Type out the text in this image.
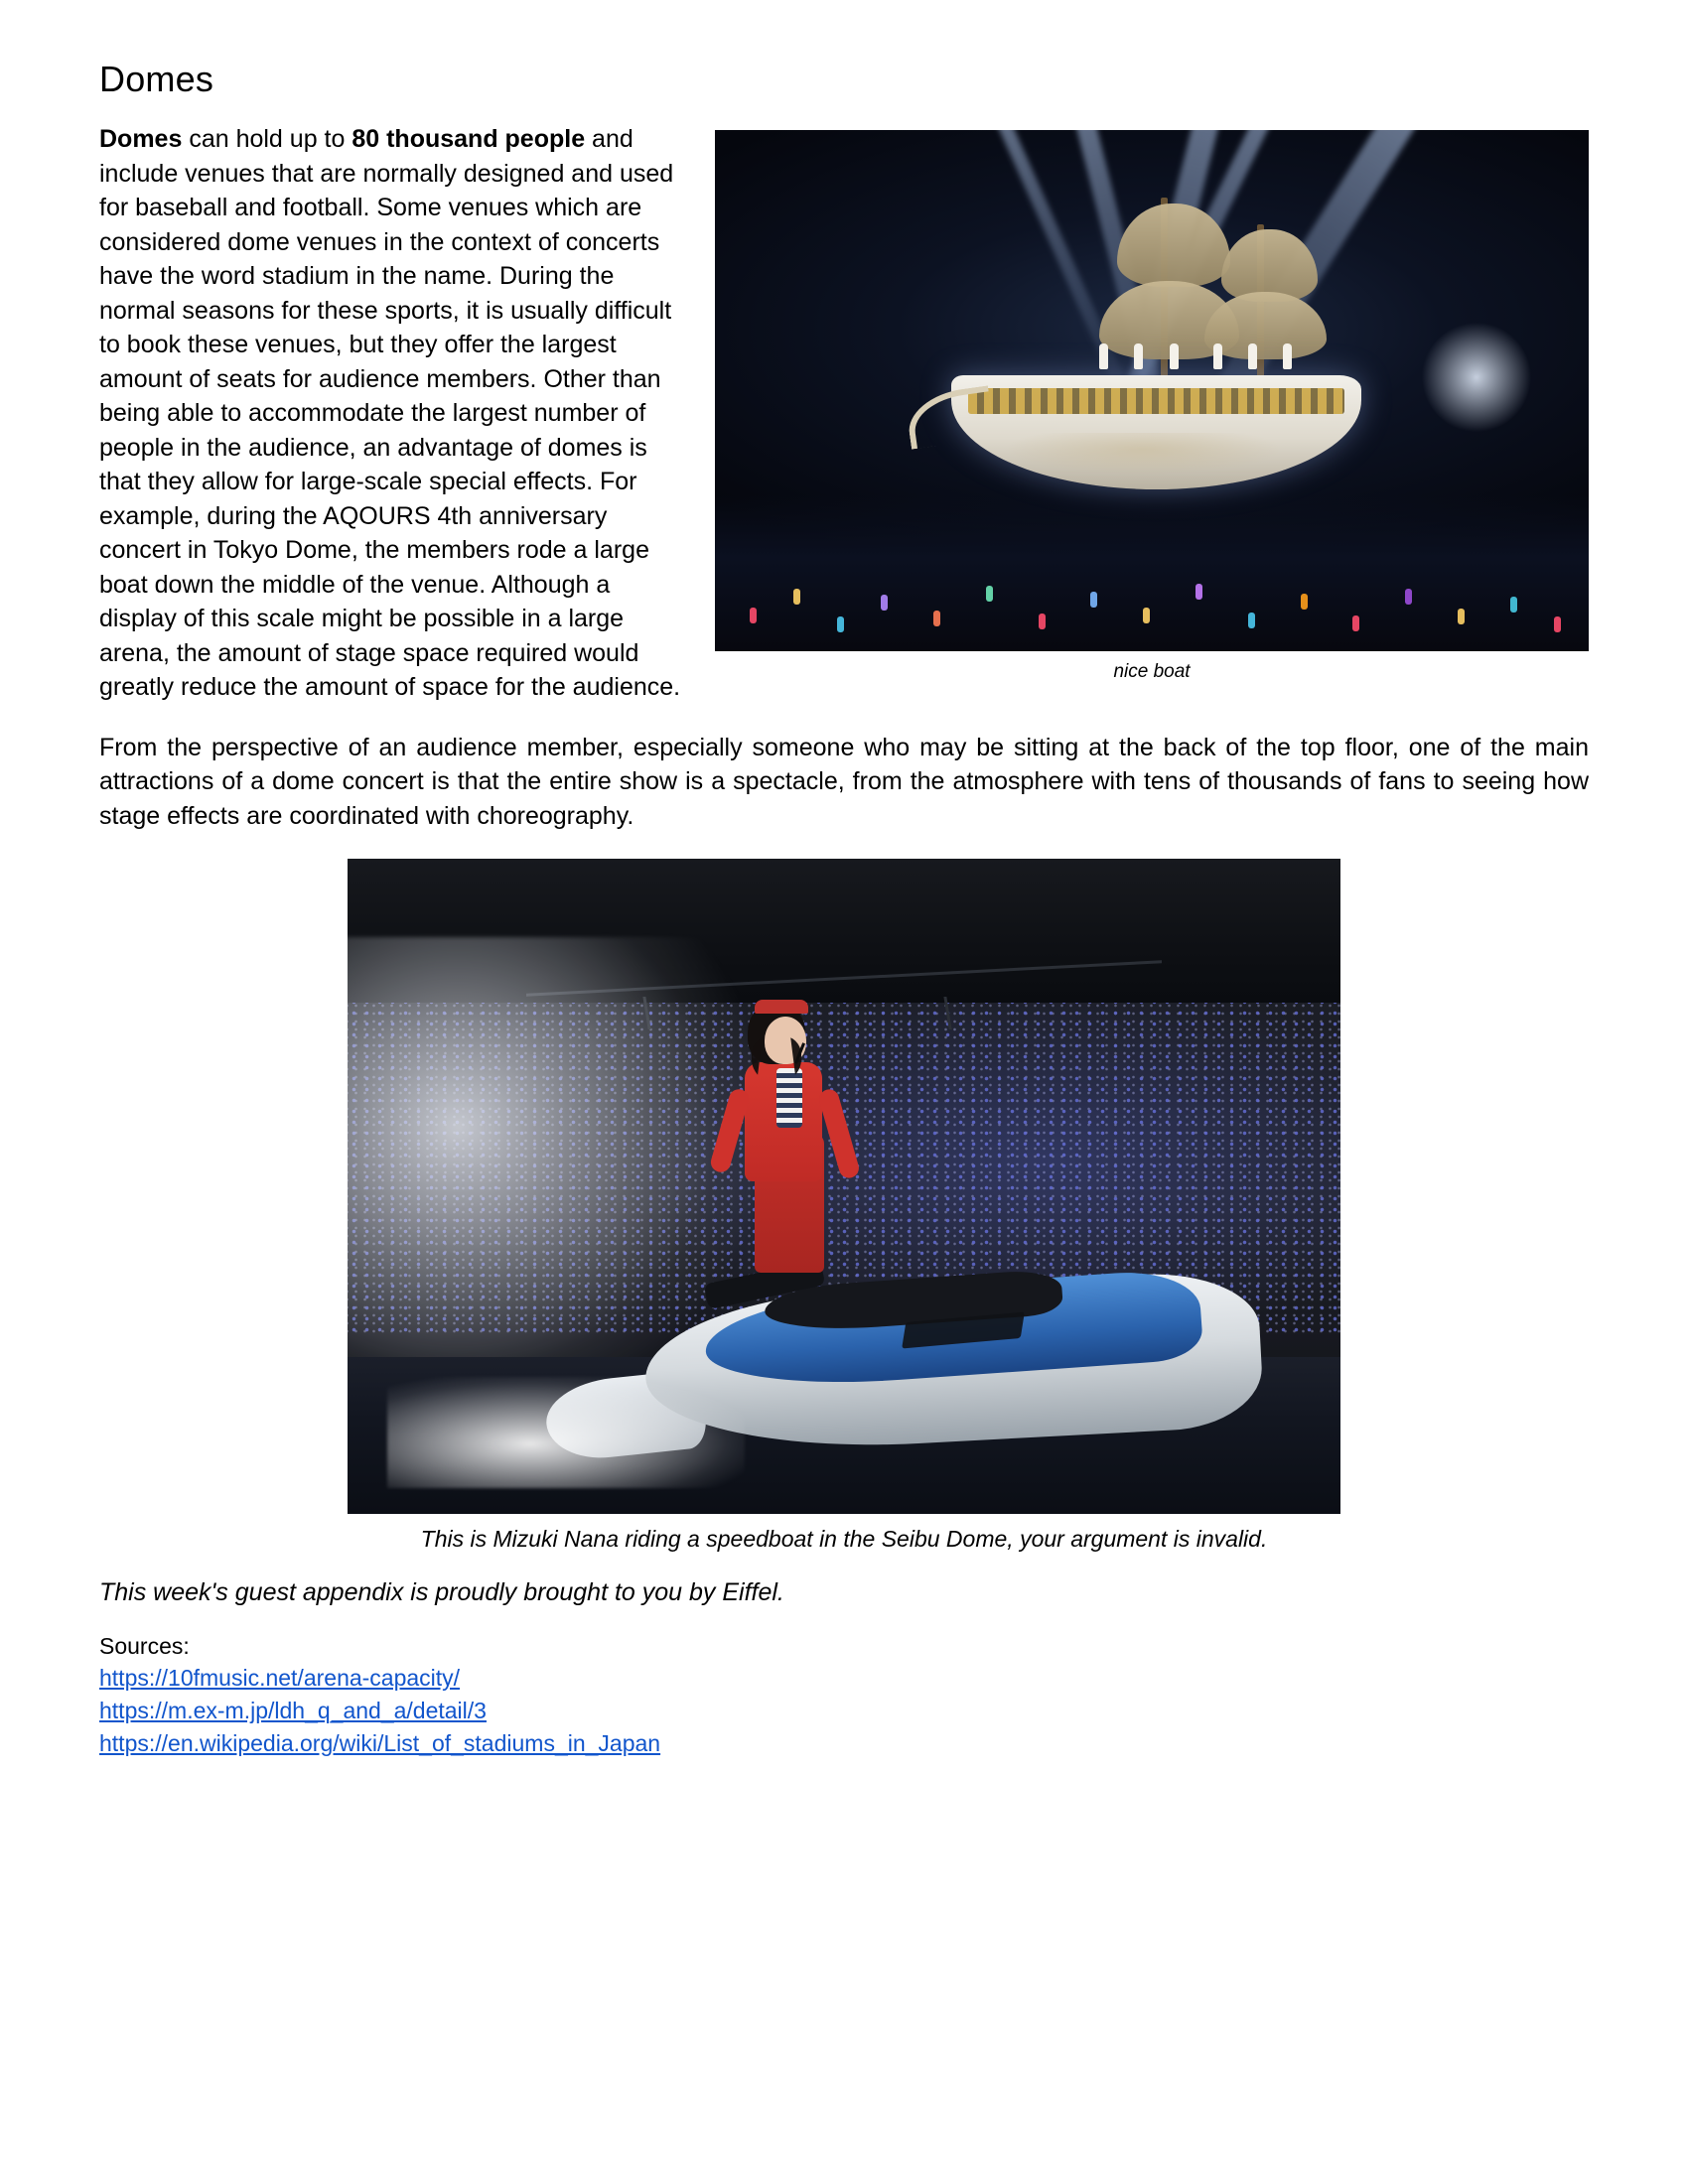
Domes
nice boat

Domes can hold up to 80 thousand people and include venues that are normally designed and used for baseball and football. Some venues which are considered dome venues in the context of concerts have the word stadium in the name. During the normal seasons for these sports, it is usually difficult to book these venues, but they offer the largest amount of seats for audience members. Other than being able to accommodate the largest number of people in the audience, an advantage of domes is that they allow for large-scale special effects. For example, during the AQOURS 4th anniversary concert in Tokyo Dome, the members rode a large boat down the middle of the venue. Although a display of this scale might be possible in a large arena, the amount of stage space required would greatly reduce the amount of space for the audience.

From the perspective of an audience member, especially someone who may be sitting at the back of the top floor, one of the main attractions of a dome concert is that the entire show is a spectacle, from the atmosphere with tens of thousands of fans to seeing how stage effects are coordinated with choreography.

This is Mizuki Nana riding a speedboat in the Seibu Dome, your argument is invalid.

This week's guest appendix is proudly brought to you by Eiffel.

Sources:

https://10fmusic.net/arena-capacity/
https://m.ex-m.jp/ldh_q_and_a/detail/3
https://en.wikipedia.org/wiki/List_of_stadiums_in_Japan
